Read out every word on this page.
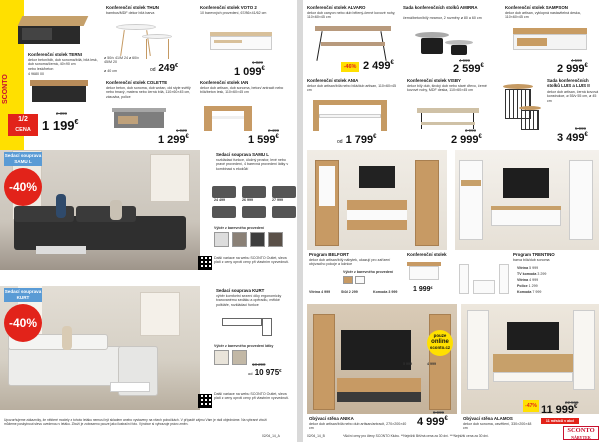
Konferenční stolek TERNI
dekor beton/tdb, dub sonoma/bílá, bílá lesk, dub sonoma/černá, 40×90 cm
nebo lesk/beton
4 9680 00
2 399
1/2
CENA 1 199€
SCONTO
Konferenční stolek THUN
bambus/MDF dekor bílá barva
ø 50/v 41/M 24 ø 60/v 45/M 20
ø 40 cm	od 249€
Konferenční stolek VOTO 2
10 barevných provedení, 67/86×41/62 cm
1 829
1 099€
Konferenční stolek COLETTE
dekor beton, dub sonoma, dub wotan, old style světlý nebo tmavý, matera nebo černá bílá, 110×60×45 cm, zásuvka, police
1 929
1 299€
Konferenční stolek IAN
dekor dub artisan, dub sonoma, beton/ antracit nebo bílá/beton lesk, 110×60×45 cm
2 499
1 599€
Sedací souprava
SAMU L
-40%
Sedací souprava SAMU L
rozkládací funkce, úložný prostor, levé nebo pravé provedení, 4 barevná provedení látky v kombinaci s ekokůží
24 499	26 999	27 999
Výběr z barevného provedení
Další variace na webu SCONTO Outlet, sleva platí z ceny oproti ceny při vlastním vyzvednutí.
Sedací souprava
KURT
-40%
Sedací souprava KURT
výběr komfortní sezení díky ergonomicky tvarovanému sedáku a opěradlu, měkké polštáře, rozkládací funkce
Výběr z barevného provedení látky
od 10 975€
18 290
Další variace na webu SCONTO Outlet, sleva platí z ceny oproti ceny při vlastním vyzvednutí.
Upozorňujeme zákazníky, že některé modely z tohoto letáku nemusí být skladem anebo vystaveny na všech pobočkách. V případě zájmu Vám je rádi objednáme. Na vybrané zboží můžeme poskytnout slevu uvedenou v letáku. Zboží je zobrazeno pouze jako ilustrační foto. Výrobce si vyhrazuje právo změn.
02/04_14_A
Konferenční stolek ALVARO
dekor dub canyon nebo dub bělený-černé kovové nohy, 110×60×45 cm
-46% 2 499€
Sada konferenčních stolků AMIRRA
černá/beton/bílý mramor, 2 rozměry ø 80 a 60 cm
4 999
2 599€
Konferenční stolek SAMPSON
dekor dub artisan, vyklopná nastavitelná deska, 110×60×45 cm
4 599
2 999€
Konferenční stolek ANIA
dekor dub artisan/bílá nebo bílá/dub artisan, 110×60×45 cm
od 1 799€
Konferenční stolek VISBY
dekor bílý dub, široký dub nebo staré dřevo, černé kovové nohy, MDF deska, 110×60×45 cm
3 999
2 999€
Sada konferenčních stolků LUIS a LUIS II
dekor dub artisan, černá kovová konstrukce, ø 55/v 55 cm, ø 45 cm
5 999
3 499€
Program BELFORT
dekor dub artisan/bílý nábytek, ukazují pro zařízení obývacího pokoje a ložnice
Výběr z barevného provedení
Vitrína 4 999	Stůl 2 299	Komoda 3 999
Konferenční stolek
1 999€
Program TRENTINO
barva bílá/dub sonoma
Vitrína 5 999
TV komoda 3 299
Vitrína 4 999
Police 1 299
Komoda 7 999
pouze
online
sconto.cz
5 999	4 999
Obývací stěna ANIKA
dekor dub artisan/bílá nebo dub artisan/antracit, 270×200×40 cm
8 999
4 999€	Obývací stěna ALAMOS
dekor dub sonoma, osvětlení, 330×200×48 cm
-47%
22 599
11 999€
11 měsíců v akci
SCONTO
NÁBYTEK
02/04_14_B	*Akční ceny pro členy SCONTO Klubu. **Nejnižší Běžná cena za 30 dní. ***Nejnižší cena za 30 dní.
